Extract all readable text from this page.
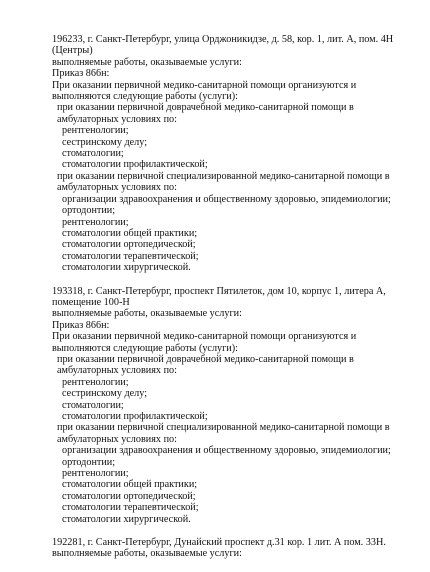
196233, г. Санкт-Петербург, улица Орджоникидзе, д. 58, кор. 1, лит. А, пом. 4Н (Центры)
выполняемые работы, оказываемые услуги:
Приказ 866н:
При оказании первичной медико-санитарной помощи организуются и выполняются следующие работы (услуги):
при оказании первичной доврачебной медико-санитарной помощи в амбулаторных условиях по:
рентгенологии;
сестринскому делу;
стоматологии;
стоматологии профилактической;
при оказании первичной специализированной медико-санитарной помощи в амбулаторных условиях по:
организации здравоохранения и общественному здоровью, эпидемиологии;
ортодонтии;
рентгенологии;
стоматологии общей практики;
стоматологии ортопедической;
стоматологии терапевтической;
стоматологии хирургической.
193318, г. Санкт-Петербург, проспект Пятилеток, дом 10, корпус 1, литера А, помещение 100-Н
выполняемые работы, оказываемые услуги:
Приказ 866н:
При оказании первичной медико-санитарной помощи организуются и выполняются следующие работы (услуги):
при оказании первичной доврачебной медико-санитарной помощи в амбулаторных условиях по:
рентгенологии;
сестринскому делу;
стоматологии;
стоматологии профилактической;
при оказании первичной специализированной медико-санитарной помощи в амбулаторных условиях по:
организации здравоохранения и общественному здоровью, эпидемиологии;
ортодонтии;
рентгенологии;
стоматологии общей практики;
стоматологии ортопедической;
стоматологии терапевтической;
стоматологии хирургической.
192281, г. Санкт-Петербург, Дунайский проспект д.31 кор. 1 лит. А пом. 33Н.
выполняемые работы, оказываемые услуги:
